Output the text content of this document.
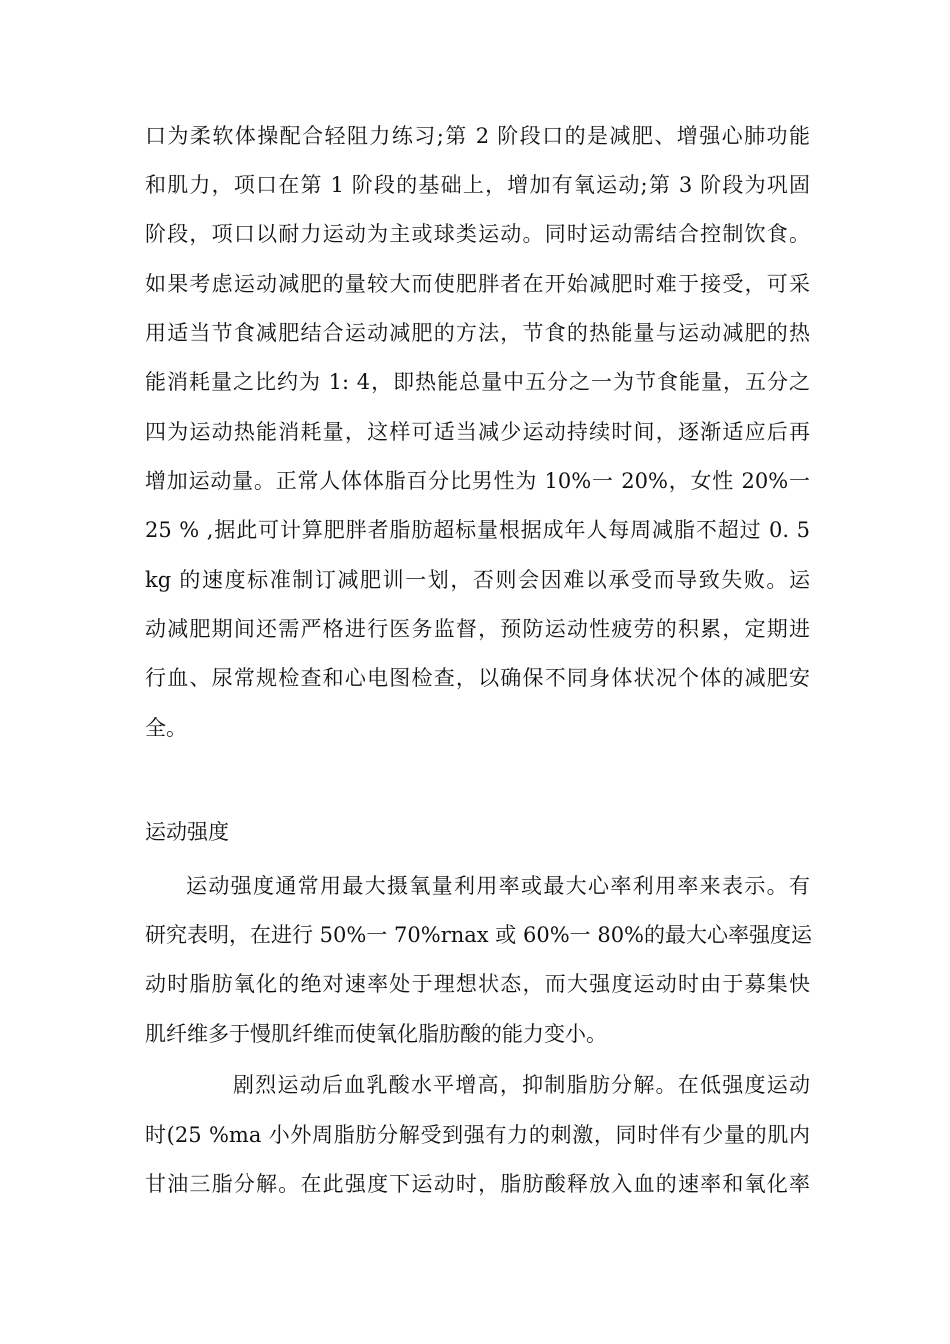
口为柔软体操配合轻阻力练习;第 2 阶段口的是减肥、增强心肺功能
和肌力，项口在第 1 阶段的基础上，增加有氧运动;第 3 阶段为巩固
阶段，项口以耐力运动为主或球类运动。同时运动需结合控制饮食。
如果考虑运动减肥的量较大而使肥胖者在开始减肥时难于接受，可采
用适当节食减肥结合运动减肥的方法，节食的热能量与运动减肥的热
能消耗量之比约为 1: 4，即热能总量中五分之一为节食能量，五分之
四为运动热能消耗量，这样可适当减少运动持续时间，逐渐适应后再
增加运动量。正常人体体脂百分比男性为 10%一 20%，女性 20%一
25 % ,据此可计算肥胖者脂肪超标量根据成年人每周减脂不超过 0. 5
kg 的速度标准制订减肥训一划，否则会因难以承受而导致失败。运
动减肥期间还需严格进行医务监督，预防运动性疲劳的积累，定期进
行血、尿常规检查和心电图检查，以确保不同身体状况个体的减肥安
全。
运动强度
运动强度通常用最大摄氧量利用率或最大心率利用率来表示。有
研究表明，在进行 50%一 70%rnax 或 60%一 80%的最大心率强度运
动时脂肪氧化的绝对速率处于理想状态，而大强度运动时由于募集快
肌纤维多于慢肌纤维而使氧化脂肪酸的能力变小。
剧烈运动后血乳酸水平增高，抑制脂肪分解。在低强度运动
时(25 %ma 小外周脂肪分解受到强有力的刺激，同时伴有少量的肌内
甘油三脂分解。在此强度下运动时，脂肪酸释放入血的速率和氧化率
